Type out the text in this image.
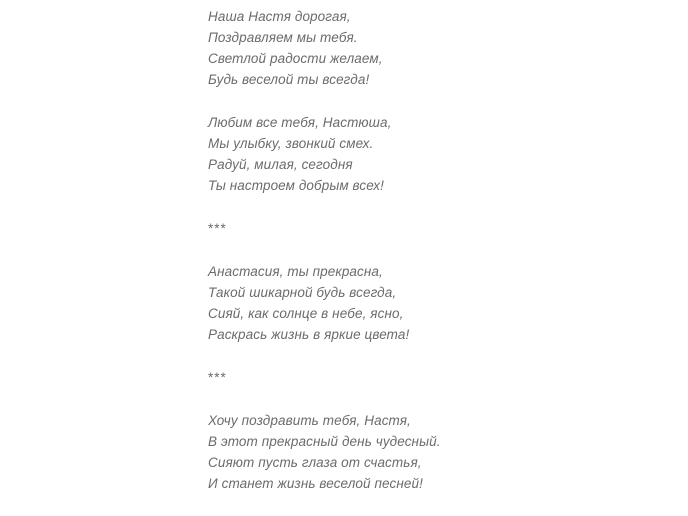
Наша Настя дорогая,
Поздравляем мы тебя.
Светлой радости желаем,
Будь веселой ты всегда!
Любим все тебя, Настюша,
Мы улыбку, звонкий смех.
Радуй, милая, сегодня
Ты настроем добрым всех!
***
Анастасия, ты прекрасна,
Такой шикарной будь всегда,
Сияй, как солнце в небе, ясно,
Раскрась жизнь в яркие цвета!
***
Хочу поздравить тебя, Настя,
В этот прекрасный день чудесный.
Сияют пусть глаза от счастья,
И станет жизнь веселой песней!
